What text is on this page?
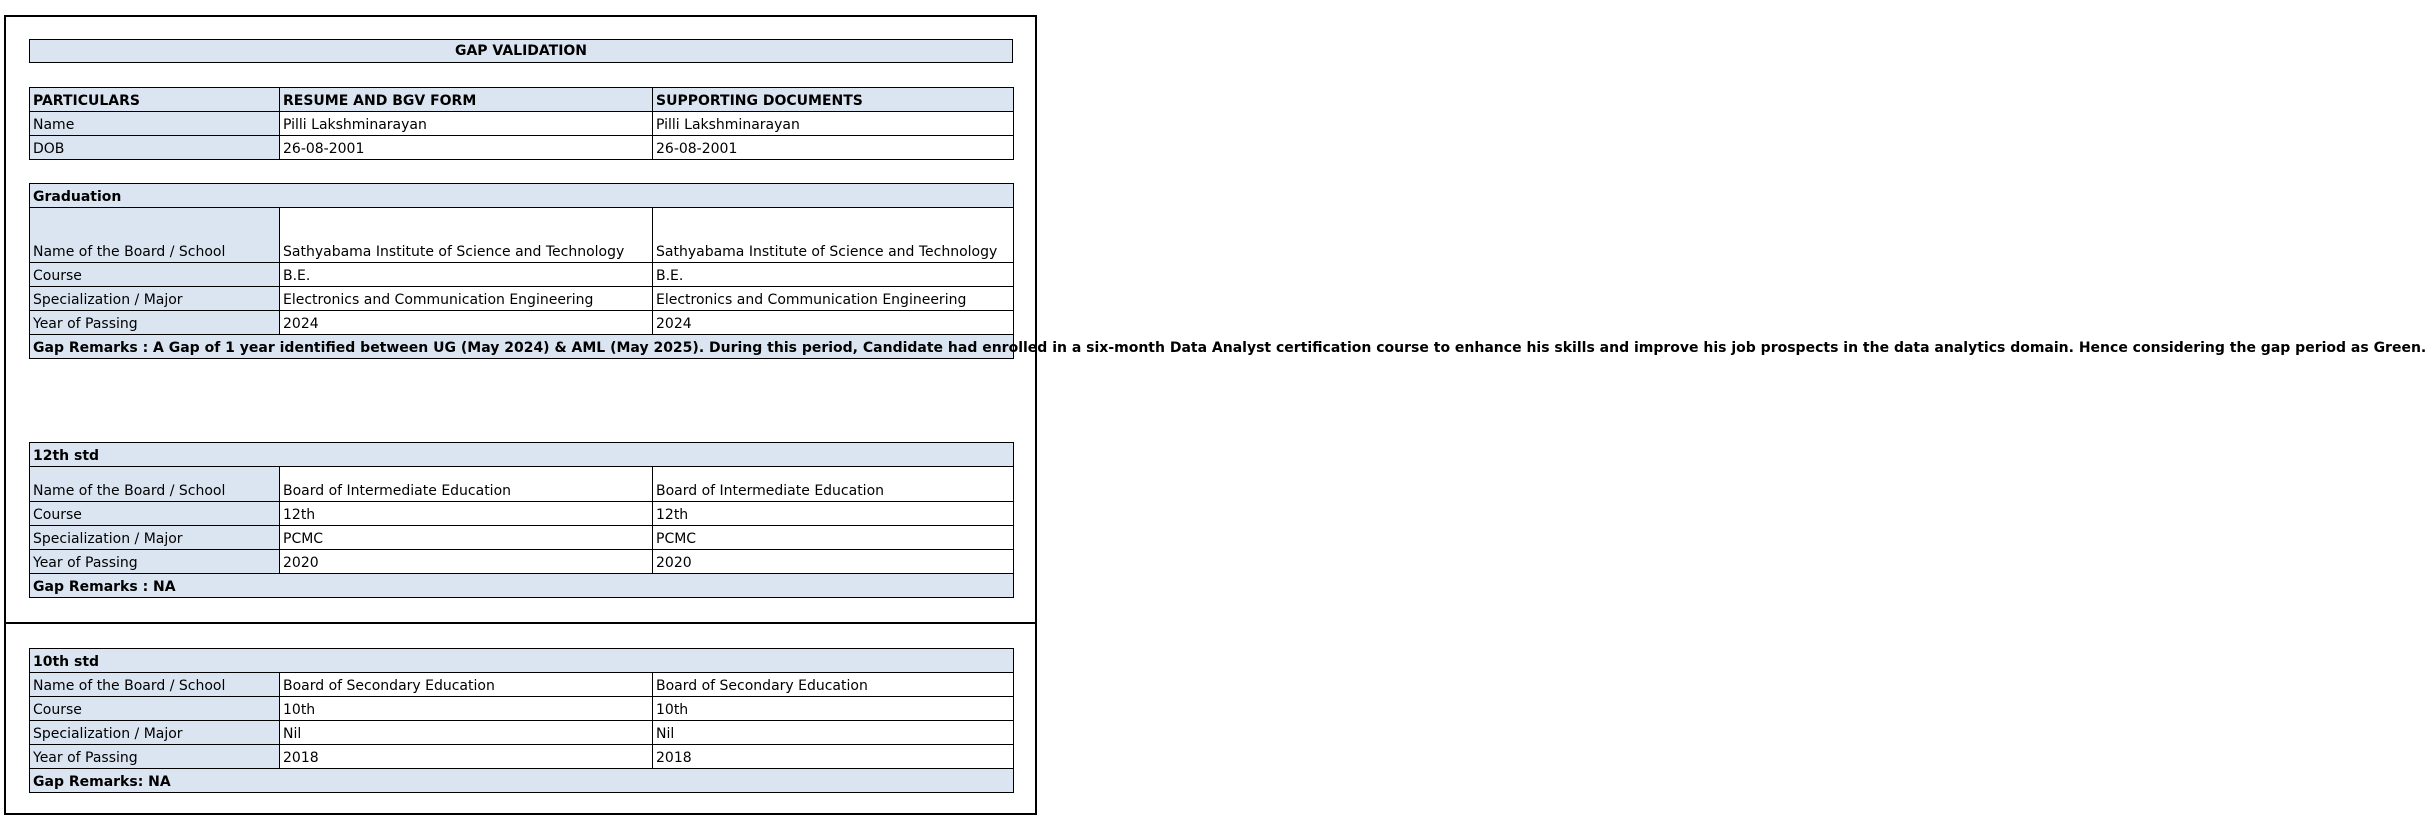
GAP VALIDATION
PARTICULARS	RESUME AND BGV FORM	SUPPORTING DOCUMENTS
Name	Pilli Lakshminarayan	Pilli Lakshminarayan
DOB	26-08-2001	26-08-2001
Graduation		
Name of the Board / School	Sathyabama Institute of Science and Technology	Sathyabama Institute of Science and Technology
Course	B.E.	B.E.
Specialization / Major	Electronics and Communication Engineering	Electronics and Communication Engineering
Year of Passing	2024	2024
Gap Remarks : A Gap of 1 year identified between UG (May 2024) & AML (May 2025). During this period, Candidate had enrolled in a six-month Data Analyst certification course to enhance his skills and improve his job prospects in the data analytics domain. Hence considering the gap period as Green.		
12th std		
Name of the Board / School	Board of Intermediate Education	Board of Intermediate Education
Course	12th	12th
Specialization / Major	PCMC	PCMC
Year of Passing	2020	2020
Gap Remarks : NA		
10th std		
Name of the Board / School	Board of Secondary Education	Board of Secondary Education
Course	10th	10th
Specialization / Major	Nil	Nil
Year of Passing	2018	2018
Gap Remarks: NA		
